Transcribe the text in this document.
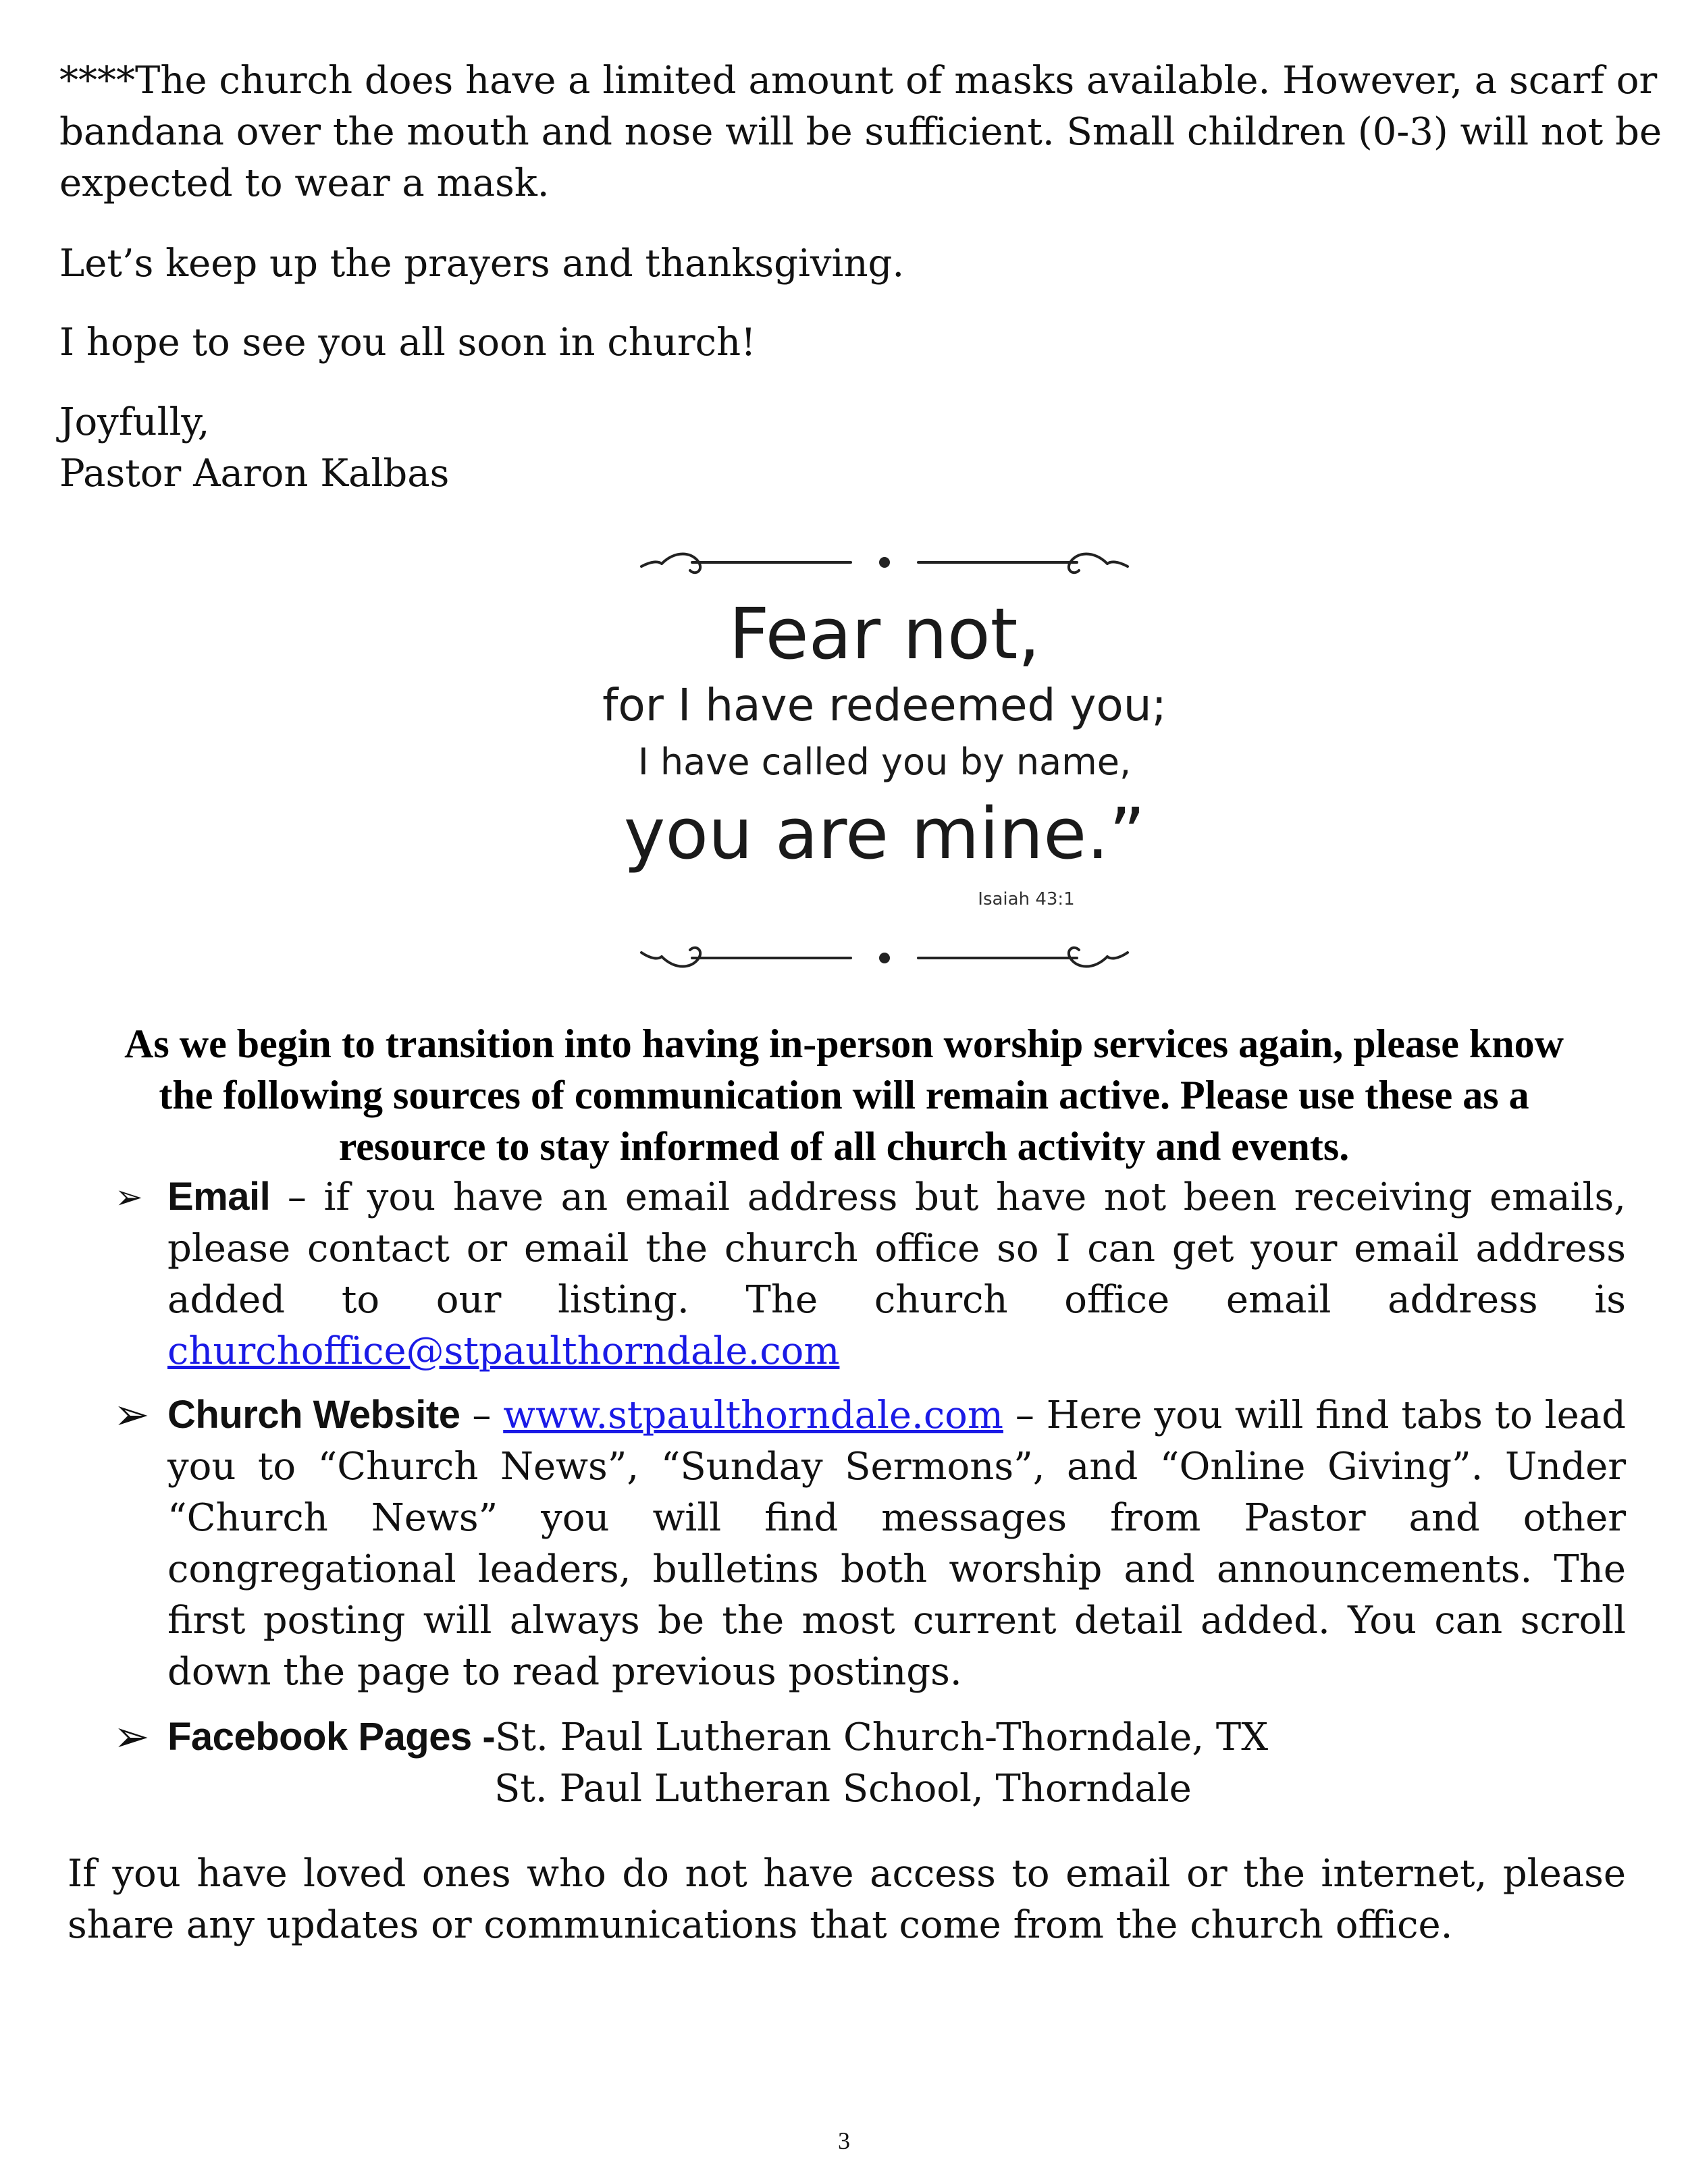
****The church does have a limited amount of masks available. However, a scarf or
bandana over the mouth and nose will be sufficient. Small children (0-3) will not be
expected to wear a mask.
Let’s keep up the prayers and thanksgiving.
I hope to see you all soon in church!
Joyfully,
Pastor Aaron Kalbas
Fear not,
for I have redeemed you;
I have called you by name,
you are mine.”
Isaiah 43:1
As we begin to transition into having in-person worship services again, please know
the following sources of communication will remain active. Please use these as a
resource to stay informed of all church activity and events.
➢ Email – if you have an email address but have not been receiving emails, please contact or email the church office so I can get your email address added to our listing. The church office email address is churchoffice@stpaulthorndale.com
➢ Church Website – www.stpaulthorndale.com – Here you will find tabs to lead you to “Church News”, “Sunday Sermons”, and “Online Giving”. Under “Church News” you will find messages from Pastor and other congregational leaders, bulletins both worship and announcements. The first posting will always be the most current detail added. You can scroll down the page to read previous postings.
➢ Facebook Pages -St. Paul Lutheran Church-Thorndale, TX
St. Paul Lutheran School, Thorndale
If you have loved ones who do not have access to email or the internet, please share any updates or communications that come from the church office.
3
